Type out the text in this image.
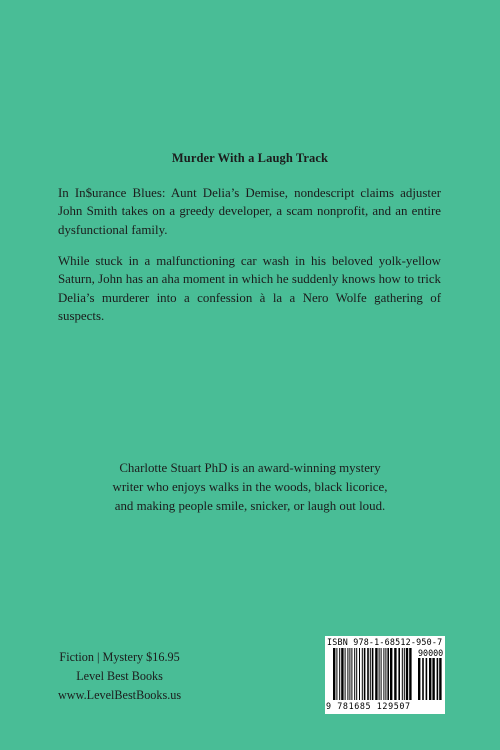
Murder With a Laugh Track

In In$urance Blues: Aunt Delia’s Demise, nondescript claims adjuster John Smith takes on a greedy developer, a scam nonprofit, and an entire dysfunctional family.

While stuck in a malfunctioning car wash in his beloved yolk-yellow Saturn, John has an aha moment in which he suddenly knows how to trick Delia’s murderer into a confession à la a Nero Wolfe gathering of suspects.

Charlotte Stuart PhD is an award-winning mystery
writer who enjoys walks in the woods, black licorice,
and making people smile, snicker, or laugh out loud.
Fiction | Mystery $16.95
Level Best Books
www.LevelBestBooks.us
ISBN 978-1-68512-950-7
90000
9 781685 129507
